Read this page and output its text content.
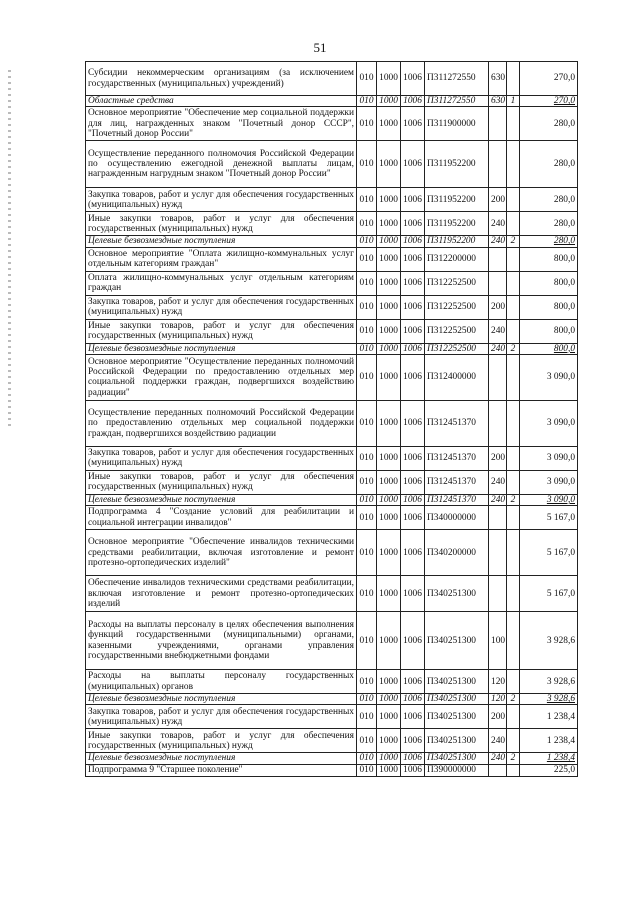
51
Субсидии некоммерческим организациям (за исключением государственных (муниципальных) учреждений)	010	1000	1006	П311272550	630		270,0
Областные средства	010	1000	1006	П311272550	630	1	270,0
Основное мероприятие "Обеспечение мер социальной поддержки для лиц, награжденных знаком "Почетный донор СССР", "Почетный донор России"	010	1000	1006	П311900000			280,0
Осуществление переданного полномочия Российской Федерации по осуществлению ежегодной денежной выплаты лицам, награжденным нагрудным знаком "Почетный донор России"	010	1000	1006	П311952200			280,0
Закупка товаров, работ и услуг для обеспечения государственных (муниципальных) нужд	010	1000	1006	П311952200	200		280,0
Иные закупки товаров, работ и услуг для обеспечения государственных (муниципальных) нужд	010	1000	1006	П311952200	240		280,0
Целевые безвозмездные поступления	010	1000	1006	П311952200	240	2	280,0
Основное мероприятие "Оплата жилищно-коммунальных услуг отдельным категориям граждан"	010	1000	1006	П312200000			800,0
Оплата жилищно-коммунальных услуг отдельным категориям граждан	010	1000	1006	П312252500			800,0
Закупка товаров, работ и услуг для обеспечения государственных (муниципальных) нужд	010	1000	1006	П312252500	200		800,0
Иные закупки товаров, работ и услуг для обеспечения государственных (муниципальных) нужд	010	1000	1006	П312252500	240		800,0
Целевые безвозмездные поступления	010	1000	1006	П312252500	240	2	800,0
Основное мероприятие "Осуществление переданных полномочий Российской Федерации по предоставлению отдельных мер социальной поддержки граждан, подвергшихся воздействию радиации"	010	1000	1006	П312400000			3 090,0
Осуществление переданных полномочий Российской Федерации по предоставлению отдельных мер социальной поддержки граждан, подвергшихся воздействию радиации	010	1000	1006	П312451370			3 090,0
Закупка товаров, работ и услуг для обеспечения государственных (муниципальных) нужд	010	1000	1006	П312451370	200		3 090,0
Иные закупки товаров, работ и услуг для обеспечения государственных (муниципальных) нужд	010	1000	1006	П312451370	240		3 090,0
Целевые безвозмездные поступления	010	1000	1006	П312451370	240	2	3 090,0
Подпрограмма 4 "Создание условий для реабилитации и социальной интеграции инвалидов"	010	1000	1006	П340000000			5 167,0
Основное мероприятие "Обеспечение инвалидов техническими средствами реабилитации, включая изготовление и ремонт протезно-ортопедических изделий"	010	1000	1006	П340200000			5 167,0
Обеспечение инвалидов техническими средствами реабилитации, включая изготовление и ремонт протезно-ортопедических изделий	010	1000	1006	П340251300			5 167,0
Расходы на выплаты персоналу в целях обеспечения выполнения функций государственными (муниципальными) органами, казенными учреждениями, органами управления государственными внебюджетными фондами	010	1000	1006	П340251300	100		3 928,6
Расходы на выплаты персоналу государственных (муниципальных) органов	010	1000	1006	П340251300	120		3 928,6
Целевые безвозмездные поступления	010	1000	1006	П340251300	120	2	3 928,6
Закупка товаров, работ и услуг для обеспечения государственных (муниципальных) нужд	010	1000	1006	П340251300	200		1 238,4
Иные закупки товаров, работ и услуг для обеспечения государственных (муниципальных) нужд	010	1000	1006	П340251300	240		1 238,4
Целевые безвозмездные поступления	010	1000	1006	П340251300	240	2	1 238,4
Подпрограмма 9 "Старшее поколение"	010	1000	1006	П390000000			225,0
